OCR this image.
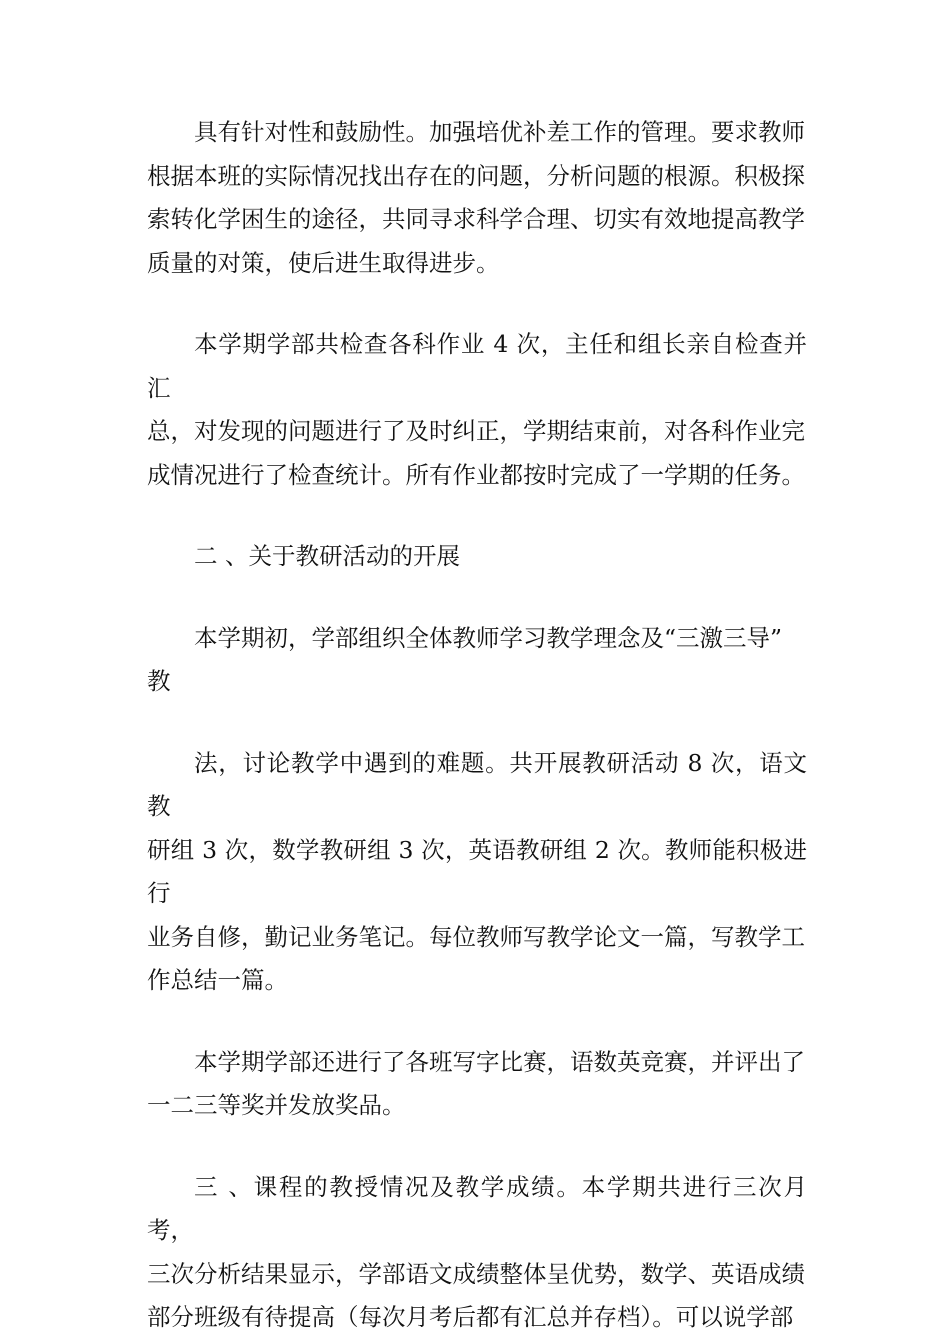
具有针对性和鼓励性。加强培优补差工作的管理。要求教师
根据本班的实际情况找出存在的问题，分析问题的根源。积极探
索转化学困生的途径，共同寻求科学合理、切实有效地提高教学
质量的对策，使后进生取得进步。

本学期学部共检查各科作业 4 次，主任和组长亲自检查并汇
总，对发现的问题进行了及时纠正，学期结束前，对各科作业完
成情况进行了检查统计。所有作业都按时完成了一学期的任务。

二 、关于教研活动的开展

本学期初，学部组织全体教师学习教学理念及“三激三导”
教

法，讨论教学中遇到的难题。共开展教研活动 8 次，语文教
研组 3 次，数学教研组 3 次，英语教研组 2 次。教师能积极进行
业务自修，勤记业务笔记。每位教师写教学论文一篇，写教学工
作总结一篇。

本学期学部还进行了各班写字比赛，语数英竞赛，并评出了
一二三等奖并发放奖品。

三 、课程的教授情况及教学成绩。本学期共进行三次月考，
三次分析结果显示，学部语文成绩整体呈优势，数学、英语成绩
部分班级有待提高（每次月考后都有汇总并存档）。可以说学部
